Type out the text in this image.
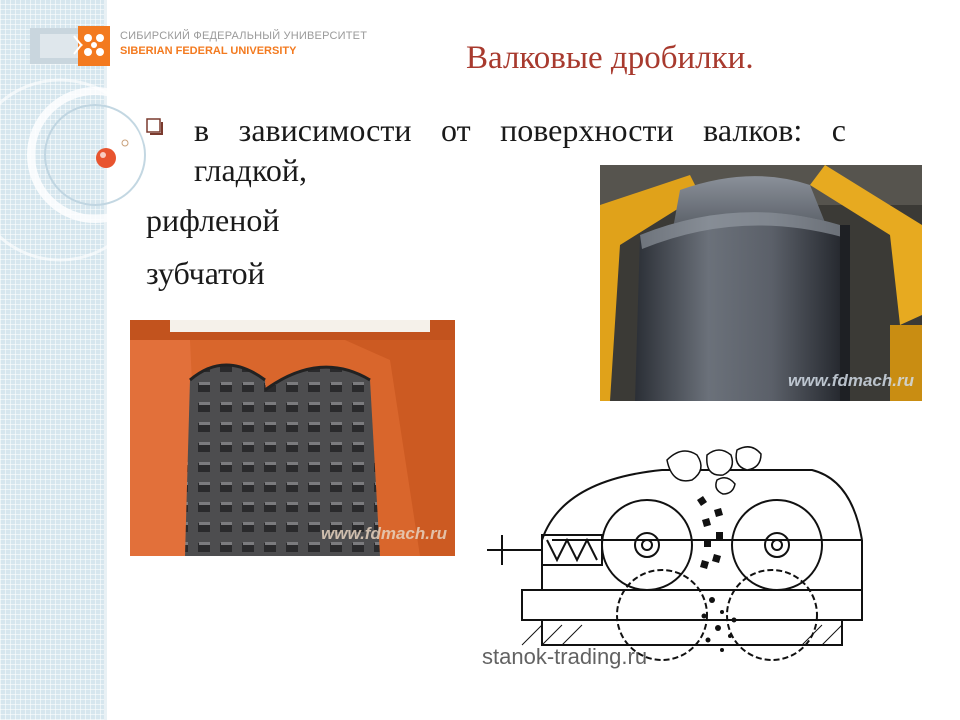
СИБИРСКИЙ ФЕДЕРАЛЬНЫЙ УНИВЕРСИТЕТ
SIBERIAN FEDERAL UNIVERSITY	Валковые дробилки.
в зависимости от поверхности валков: с
гладкой,
рифленой
зубчатой
www.fdmach.ru
www.fdmach.ru
stanok-trading.ru
